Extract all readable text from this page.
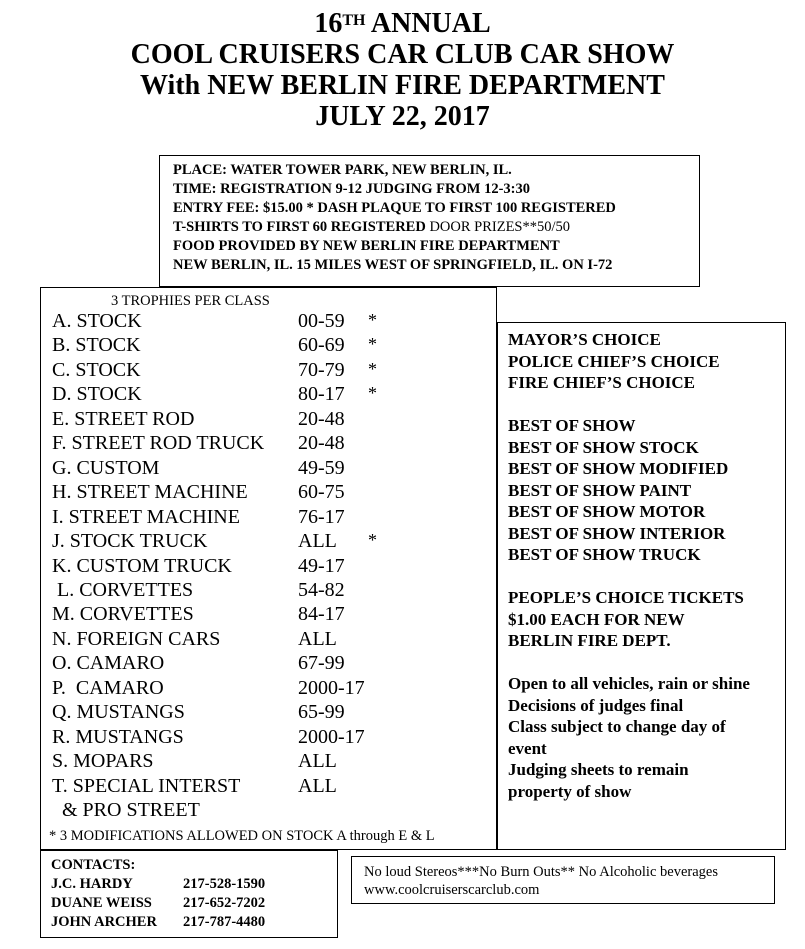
16TH ANNUAL
COOL CRUISERS CAR CLUB CAR SHOW
With NEW BERLIN FIRE DEPARTMENT
JULY 22, 2017
PLACE: WATER TOWER PARK, NEW BERLIN, IL.
TIME: REGISTRATION 9-12 JUDGING FROM 12-3:30
ENTRY FEE: $15.00 * DASH PLAQUE TO FIRST 100 REGISTERED
T-SHIRTS TO FIRST 60 REGISTERED DOOR PRIZES**50/50
FOOD PROVIDED BY NEW BERLIN FIRE DEPARTMENT
NEW BERLIN, IL. 15 MILES WEST OF SPRINGFIELD, IL. ON I-72
3 TROPHIES PER CLASS
A. STOCK	00-59 *
B. STOCK	60-69 *
C. STOCK	70-79 *
D. STOCK	80-17 *
E. STREET ROD	20-48
F. STREET ROD TRUCK 20-48
G. CUSTOM	49-59
H. STREET MACHINE	60-75
I. STREET MACHINE	76-17
J. STOCK TRUCK	ALL *
K. CUSTOM TRUCK	49-17
L. CORVETTES	54-82
M. CORVETTES	84-17
N. FOREIGN CARS	ALL
O. CAMARO	67-99
P.  CAMARO	2000-17
Q. MUSTANGS	65-99
R. MUSTANGS	2000-17
S. MOPARS	ALL
T. SPECIAL INTERST	ALL
& PRO STREET
* 3 MODIFICATIONS ALLOWED ON STOCK A through E & L
MAYOR’S CHOICE
POLICE CHIEF’S CHOICE
FIRE CHIEF’S CHOICE
BEST OF SHOW
BEST OF SHOW STOCK
BEST OF SHOW MODIFIED
BEST OF SHOW PAINT
BEST OF SHOW MOTOR
BEST OF SHOW INTERIOR
BEST OF SHOW TRUCK
PEOPLE’S CHOICE TICKETS
$1.00 EACH FOR NEW
BERLIN FIRE DEPT.
Open to all vehicles, rain or shine
Decisions of judges final
Class subject to change day of
event
Judging sheets to remain
property of show
CONTACTS:
J.C. HARDY	217-528-1590
DUANE WEISS 217-652-7202
JOHN ARCHER 217-787-4480
No loud Stereos***No Burn Outs** No Alcoholic beverages
www.coolcruiserscarclub.com
